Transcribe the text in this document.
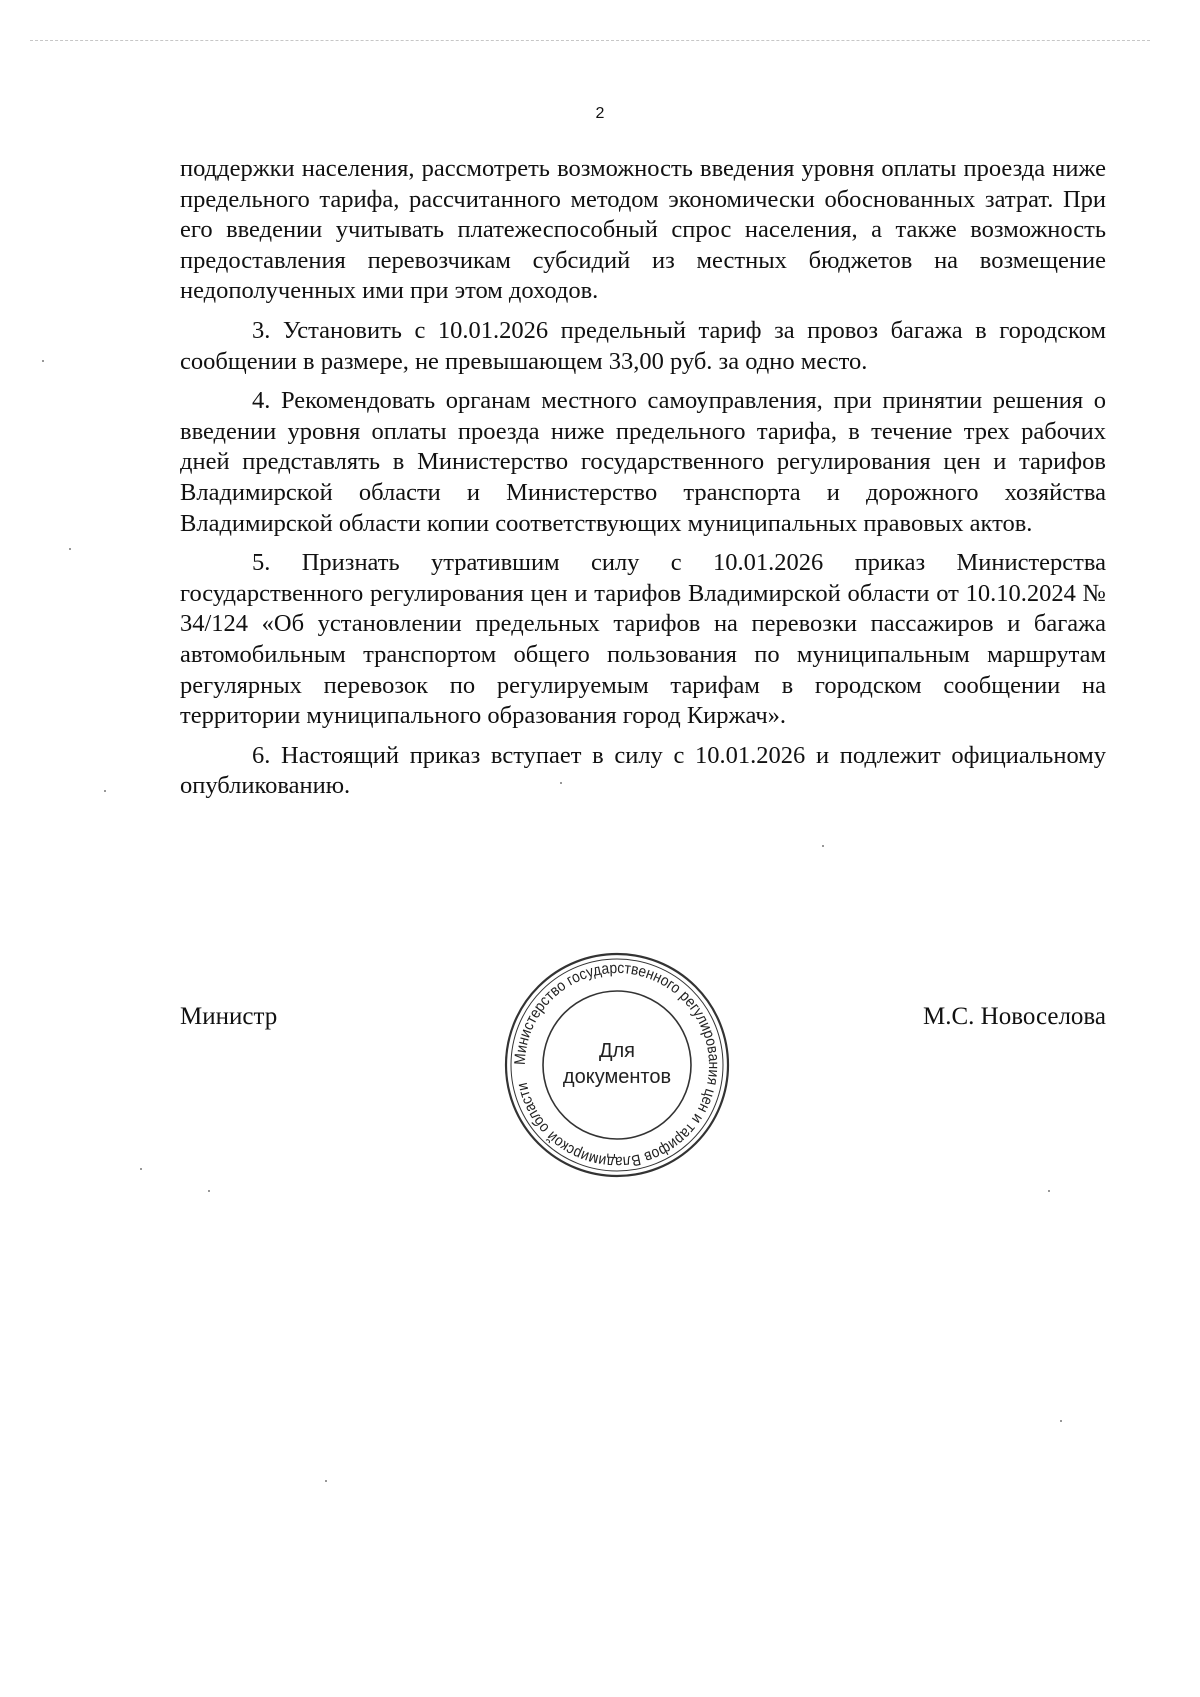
2

поддержки населения, рассмотреть возможность введения уровня оплаты проезда ниже предельного тарифа, рассчитанного методом экономически обоснованных затрат. При его введении учитывать платежеспособный спрос населения, а также возможность предоставления перевозчикам субсидий из местных бюджетов на возмещение недополученных ими при этом доходов.

3. Установить с 10.01.2026 предельный тариф за провоз багажа в городском сообщении в размере, не превышающем 33,00 руб. за одно место.

4. Рекомендовать органам местного самоуправления, при принятии решения о введении уровня оплаты проезда ниже предельного тарифа, в течение трех рабочих дней представлять в Министерство государственного регулирования цен и тарифов Владимирской области и Министерство транспорта и дорожного хозяйства Владимирской области копии соответствующих муниципальных правовых актов.

5. Признать утратившим силу с 10.01.2026 приказ Министерства государственного регулирования цен и тарифов Владимирской области от 10.10.2024 № 34/124 «Об установлении предельных тарифов на перевозки пассажиров и багажа автомобильным транспортом общего пользования по муниципальным маршрутам регулярных перевозок по регулируемым тарифам в городском сообщении на территории муниципального образования город Киржач».

6. Настоящий приказ вступает в силу с 10.01.2026 и подлежит официальному опубликованию.

Министр	М.С. Новоселова
Министерство государственного регулирования цен и тарифов Владимирской области
Для
документов
